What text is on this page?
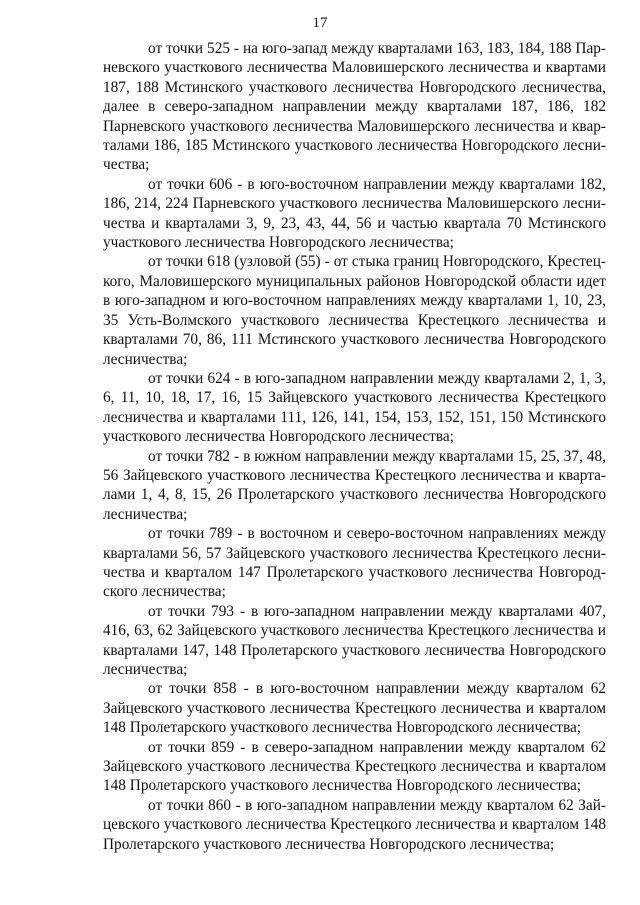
17

от точки 525 - на юго-запад между кварталами 163, 183, 184, 188 Парневского участкового лесничества Маловишерского лесничества и квартами 187, 188 Мстинского участкового лесничества Новгородского лесничества, далее в северо-западном направлении между кварталами 187, 186, 182 Парневского участкового лесничества Маловишерского лесничества и кварталами 186, 185 Мстинского участкового лесничества Новгородского лесничества;

от точки 606 - в юго-восточном направлении между кварталами 182, 186, 214, 224 Парневского участкового лесничества Маловишерского лесничества и кварталами 3, 9, 23, 43, 44, 56 и частью квартала 70 Мстинского участкового лесничества Новгородского лесничества;

от точки 618 (узловой (55) - от стыка границ Новгородского, Крестецкого, Маловишерского муниципальных районов Новгородской области идет в юго-западном и юго-восточном направлениях между кварталами 1, 10, 23, 35 Усть-Волмского участкового лесничества Крестецкого лесничества и кварталами 70, 86, 111 Мстинского участкового лесничества Новгородского лесничества;

от точки 624 - в юго-западном направлении между кварталами 2, 1, 3, 6, 11, 10, 18, 17, 16, 15 Зайцевского участкового лесничества Крестецкого лесничества и кварталами 111, 126, 141, 154, 153, 152, 151, 150 Мстинского участкового лесничества Новгородского лесничества;

от точки 782 - в южном направлении между кварталами 15, 25, 37, 48, 56 Зайцевского участкового лесничества Крестецкого лесничества и кварталами 1, 4, 8, 15, 26 Пролетарского участкового лесничества Новгородского лесничества;

от точки 789 - в восточном и северо-восточном направлениях между кварталами 56, 57 Зайцевского участкового лесничества Крестецкого лесничества и кварталом 147 Пролетарского участкового лесничества Новгородского лесничества;

от точки 793 - в юго-западном направлении между кварталами 407, 416, 63, 62 Зайцевского участкового лесничества Крестецкого лесничества и кварталами 147, 148 Пролетарского участкового лесничества Новгородского лесничества;

от точки 858 - в юго-восточном направлении между кварталом 62 Зайцевского участкового лесничества Крестецкого лесничества и кварталом 148 Пролетарского участкового лесничества Новгородского лесничества;

от точки 859 - в северо-западном направлении между кварталом 62 Зайцевского участкового лесничества Крестецкого лесничества и кварталом 148 Пролетарского участкового лесничества Новгородского лесничества;

от точки 860 - в юго-западном направлении между кварталом 62 Зайцевского участкового лесничества Крестецкого лесничества и кварталом 148 Пролетарского участкового лесничества Новгородского лесничества;
